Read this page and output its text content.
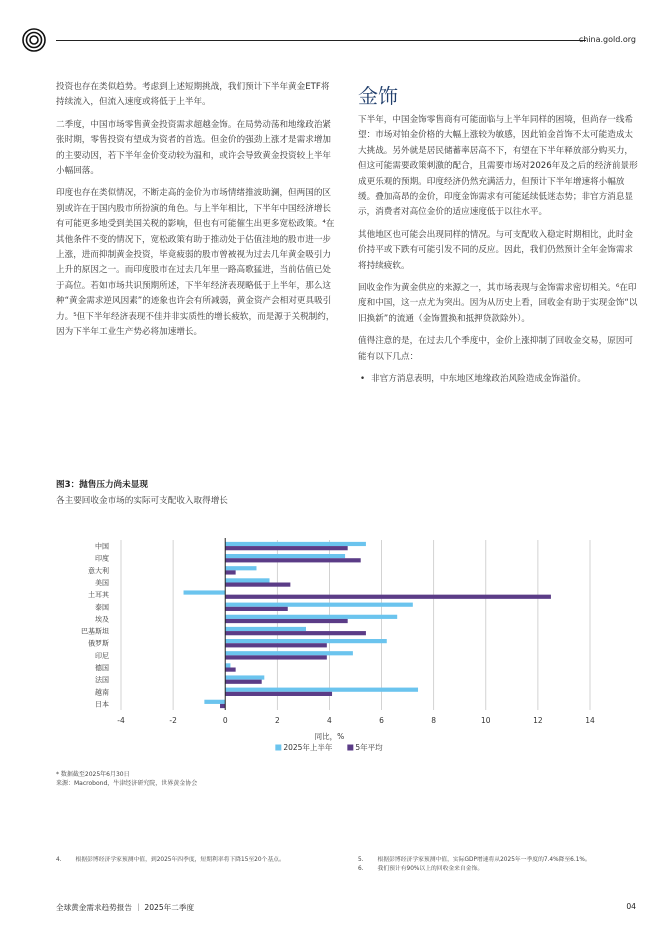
china.gold.org

投资也存在类似趋势。考虑到上述短期挑战，我们预计下半年黄金ETF将持续流入，但流入速度或将低于上半年。

二季度，中国市场零售黄金投资需求超越金饰。在局势动荡和地缘政治紧张时期，零售投资有望成为资者的首选。但金价的强劲上涨才是需求增加的主要动因，若下半年金价变动较为温和，或许会导致黄金投资较上半年小幅回落。

印度也存在类似情况，不断走高的金价为市场情绪推波助澜，但两国的区别或许在于国内股市所扮演的角色。与上半年相比，下半年中国经济增长有可能更多地受到美国关税的影响，但也有可能催生出更多宽松政策。⁴在其他条件不变的情况下，宽松政策有助于推动处于估值洼地的股市进一步上涨，进而抑制黄金投资，毕竟疲弱的股市曾被视为过去几年黄金吸引力上升的原因之一。而印度股市在过去几年里一路高歌猛进，当前估值已处于高位。若如市场共识预期所述，下半年经济表现略低于上半年，那么这种“黄金需求逆风因素”的迹象也许会有所减弱，黄金资产会相对更具吸引力。⁵但下半年经济表现不佳并非实质性的增长疲软，而是源于关税制约，因为下半年工业生产势必将加速增长。

金饰

下半年，中国金饰零售商有可能面临与上半年同样的困境，但尚存一线希望：市场对铂金价格的大幅上涨较为敏感，因此铂金首饰不太可能造成太大挑战。另外就是居民储蓄率居高不下，有望在下半年释放部分购买力，但这可能需要政策刺激的配合，且需要市场对2026年及之后的经济前景形成更乐观的预期。印度经济仍然充满活力，但预计下半年增速将小幅放缓。叠加高昂的金价，印度金饰需求有可能延续低迷态势；非官方消息显示，消费者对高位金价的适应速度低于以往水平。

其他地区也可能会出现同样的情况。与可支配收入稳定时期相比，此时金价持平或下跌有可能引发不同的反应。因此，我们仍然预计全年金饰需求将持续疲软。

回收金作为黄金供应的来源之一，其市场表现与金饰需求密切相关。⁶在印度和中国，这一点尤为突出。因为从历史上看，回收金有助于实现金饰“以旧换新”的流通（金饰置换和抵押贷款除外）。

值得注意的是，在过去几个季度中，金价上涨抑制了回收金交易，原因可能有以下几点：

• 非官方消息表明，中东地区地缘政治风险造成金饰溢价。
图3：抛售压力尚未显现
各主要回收金市场的实际可支配收入取得增长
中国
印度
意大利
美国
土耳其
泰国
埃及
巴基斯坦
俄罗斯
印尼
德国
法国
越南
日本
-4	-2	0	2	4	6	8	10	12	14
同比，%
2025年上半年	5年平均
* 数据截至2025年6月30日
来源：Macrobond，牛津经济研究院，世界黄金协会
4. 根据彭博经济学家预测中值，到2025年四季度，短期利率将下降15至20个基点。	5. 根据彭博经济学家预测中值，实际GDP增速将从2025年一季度的7.4%降至6.1%。
6. 我们预计有90%以上的回收金来自金饰。
全球黄金需求趋势报告 ｜ 2025年二季度	04
